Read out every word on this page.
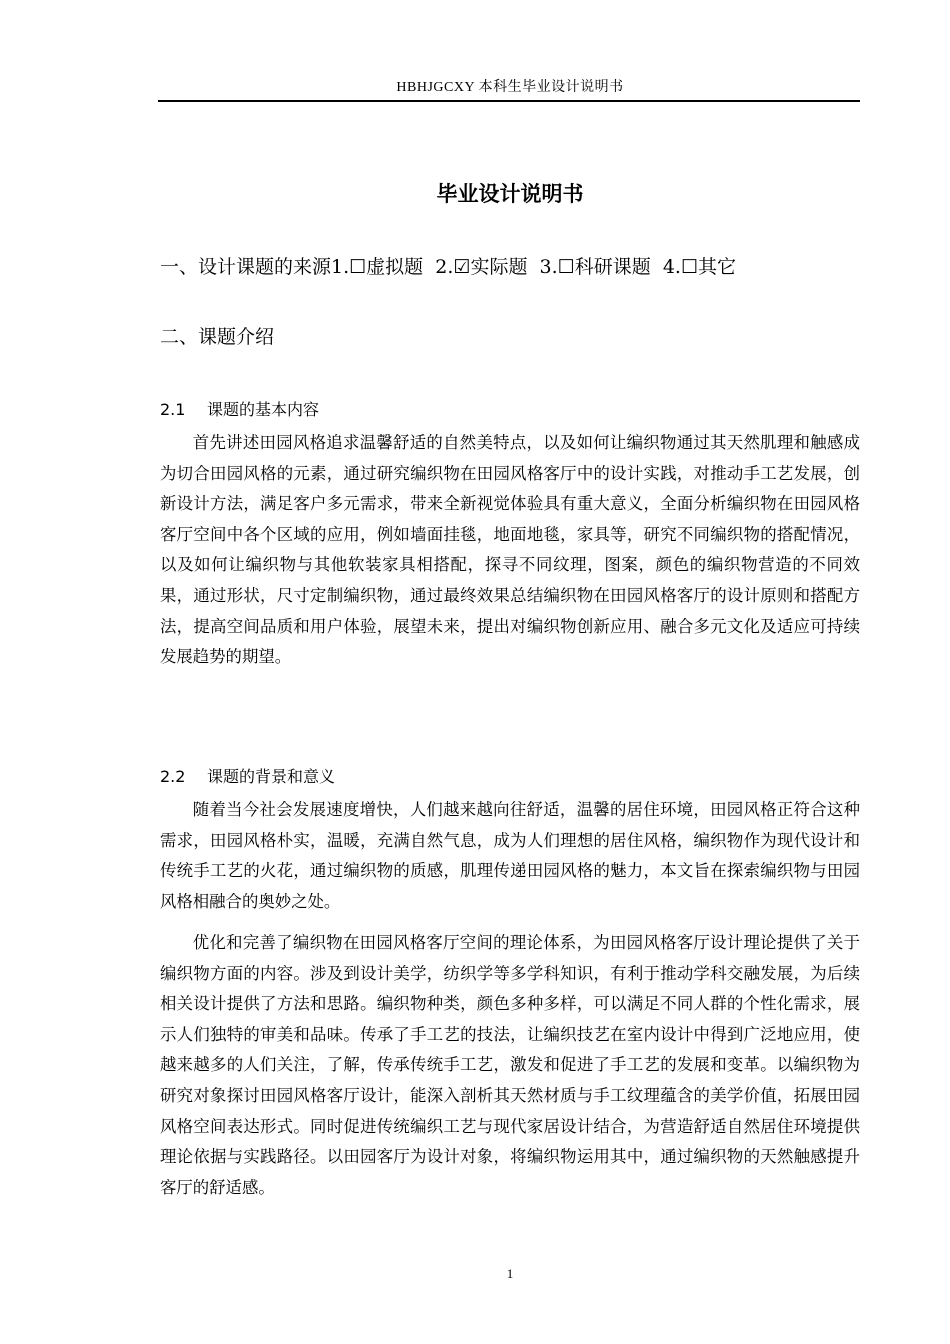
HBHJGCXY 本科生毕业设计说明书
毕业设计说明书
一、设计课题的来源1.☐虚拟题 2.☑实际题 3.☐科研课题 4.☐其它
二、课题介绍
2.1 课题的基本内容

首先讲述田园风格追求温馨舒适的自然美特点，以及如何让编织物通过其天然肌理和触感成为切合田园风格的元素，通过研究编织物在田园风格客厅中的设计实践，对推动手工艺发展，创新设计方法，满足客户多元需求，带来全新视觉体验具有重大意义，全面分析编织物在田园风格客厅空间中各个区域的应用，例如墙面挂毯，地面地毯，家具等，研究不同编织物的搭配情况，以及如何让编织物与其他软装家具相搭配，探寻不同纹理，图案，颜色的编织物营造的不同效果，通过形状，尺寸定制编织物，通过最终效果总结编织物在田园风格客厅的设计原则和搭配方法，提高空间品质和用户体验，展望未来，提出对编织物创新应用、融合多元文化及适应可持续发展趋势的期望。

2.2 课题的背景和意义

随着当今社会发展速度增快，人们越来越向往舒适，温馨的居住环境，田园风格正符合这种需求，田园风格朴实，温暖，充满自然气息，成为人们理想的居住风格，编织物作为现代设计和传统手工艺的火花，通过编织物的质感，肌理传递田园风格的魅力，本文旨在探索编织物与田园风格相融合的奥妙之处。

优化和完善了编织物在田园风格客厅空间的理论体系，为田园风格客厅设计理论提供了关于编织物方面的内容。涉及到设计美学，纺织学等多学科知识，有利于推动学科交融发展，为后续相关设计提供了方法和思路。编织物种类，颜色多种多样，可以满足不同人群的个性化需求，展示人们独特的审美和品味。传承了手工艺的技法，让编织技艺在室内设计中得到广泛地应用，使越来越多的人们关注，了解，传承传统手工艺，激发和促进了手工艺的发展和变革。以编织物为研究对象探讨田园风格客厅设计，能深入剖析其天然材质与手工纹理蕴含的美学价值，拓展田园风格空间表达形式。同时促进传统编织工艺与现代家居设计结合，为营造舒适自然居住环境提供理论依据与实践路径。以田园客厅为设计对象，将编织物运用其中，通过编织物的天然触感提升客厅的舒适感。

1
